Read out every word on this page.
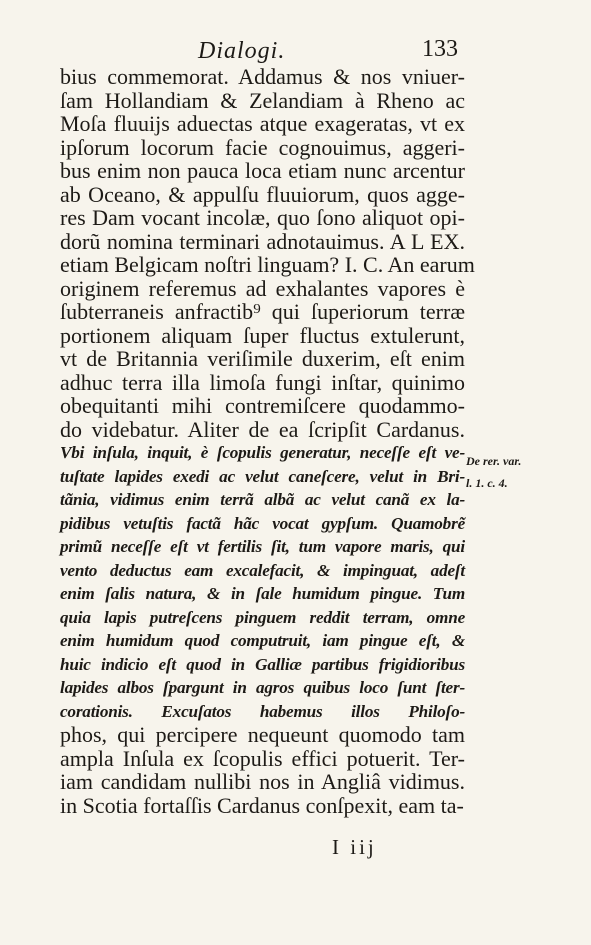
Dialogi.	133
bius commemorat. Addamus & nos vniuer-
ſam Hollandiam & Zelandiam à Rheno ac
Moſa fluuijs aduectas atque exageratas, vt ex
ipſorum locorum facie cognouimus, aggeri-
bus enim non pauca loca etiam nunc arcentur
ab Oceano, & appulſu fluuiorum, quos agge-
res Dam vocant incolæ, quo ſono aliquot opi-
dorũ nomina terminari adnotauimus. A L EX.
etiam Belgicam noſtri linguam? I. C. An earum
originem referemus ad exhalantes vapores è
ſubterraneis anfractib⁹ qui ſuperiorum terræ
portionem aliquam ſuper fluctus extulerunt,
vt de Britannia veriſimile duxerim, eſt enim
adhuc terra illa limoſa fungi inſtar, quinimo
obequitanti mihi contremiſcere quodammo-
do videbatur. Aliter de ea ſcripſit Cardanus.
Vbi inſula, inquit, è ſcopulis generatur, neceſſe eſt ve-
tuſtate lapides exedi ac velut caneſcere, velut in Bri-
tãnia, vidimus enim terrã albã ac velut canã ex la-
pidibus vetuſtis factã hãc vocat gypſum. Quamobrẽ
primũ neceſſe eſt vt fertilis ſit, tum vapore maris, qui
vento deductus eam excalefacit, & impinguat, adeſt
enim ſalis natura, & in ſale humidum pingue. Tum
quia lapis putreſcens pinguem reddit terram, omne
enim humidum quod computruit, iam pingue eſt, &
huic indicio eſt quod in Galliæ partibus frigidioribus
lapides albos ſpargunt in agros quibus loco ſunt ſter-
corationis. Excuſatos habemus illos Philoſo-
phos, qui percipere nequeunt quomodo tam
ampla Inſula ex ſcopulis effici potuerit. Ter-
iam candidam nullibi nos in Angliâ vidimus.
in Scotia fortaſſis Cardanus conſpexit, eam ta-
De rer. var.
l. 1. c. 4.
I iij
